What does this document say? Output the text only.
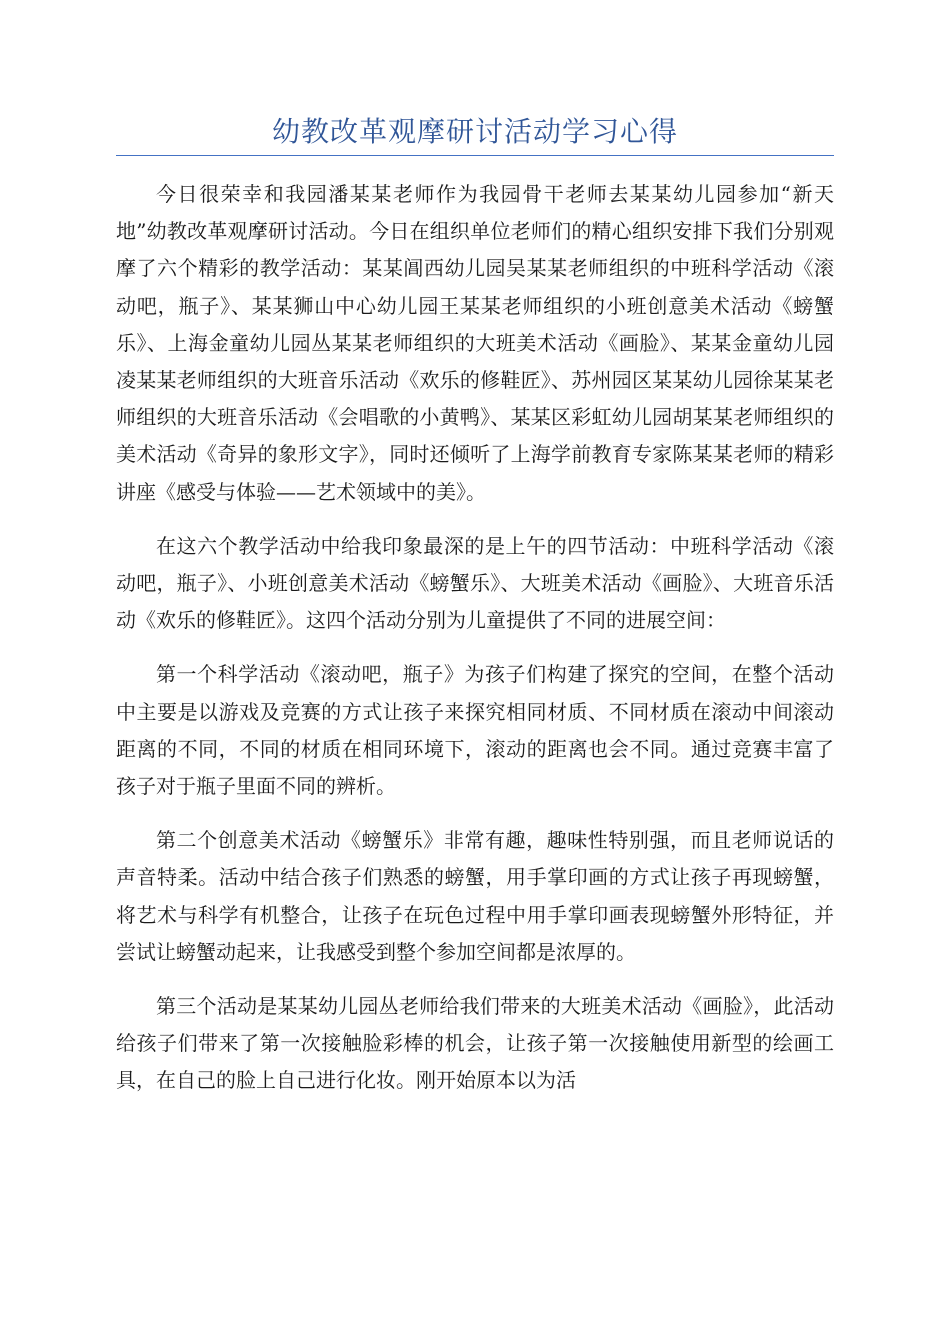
幼教改革观摩研讨活动学习心得

今日很荣幸和我园潘某某老师作为我园骨干老师去某某幼儿园参加“新天地”幼教改革观摩研讨活动。今日在组织单位老师们的精心组织安排下我们分别观摩了六个精彩的教学活动：某某阊西幼儿园吴某某老师组织的中班科学活动《滚动吧，瓶子》、某某狮山中心幼儿园王某某老师组织的小班创意美术活动《螃蟹乐》、上海金童幼儿园丛某某老师组织的大班美术活动《画脸》、某某金童幼儿园凌某某老师组织的大班音乐活动《欢乐的修鞋匠》、苏州园区某某幼儿园徐某某老师组织的大班音乐活动《会唱歌的小黄鸭》、某某区彩虹幼儿园胡某某老师组织的美术活动《奇异的象形文字》，同时还倾听了上海学前教育专家陈某某老师的精彩讲座《感受与体验——艺术领域中的美》。

在这六个教学活动中给我印象最深的是上午的四节活动：中班科学活动《滚动吧，瓶子》、小班创意美术活动《螃蟹乐》、大班美术活动《画脸》、大班音乐活动《欢乐的修鞋匠》。这四个活动分别为儿童提供了不同的进展空间：

第一个科学活动《滚动吧，瓶子》为孩子们构建了探究的空间，在整个活动中主要是以游戏及竞赛的方式让孩子来探究相同材质、不同材质在滚动中间滚动距离的不同，不同的材质在相同环境下，滚动的距离也会不同。通过竞赛丰富了孩子对于瓶子里面不同的辨析。

第二个创意美术活动《螃蟹乐》非常有趣，趣味性特别强，而且老师说话的声音特柔。活动中结合孩子们熟悉的螃蟹，用手掌印画的方式让孩子再现螃蟹，将艺术与科学有机整合，让孩子在玩色过程中用手掌印画表现螃蟹外形特征，并尝试让螃蟹动起来，让我感受到整个参加空间都是浓厚的。

第三个活动是某某幼儿园丛老师给我们带来的大班美术活动《画脸》，此活动给孩子们带来了第一次接触脸彩棒的机会，让孩子第一次接触使用新型的绘画工具，在自己的脸上自己进行化妆。刚开始原本以为活
